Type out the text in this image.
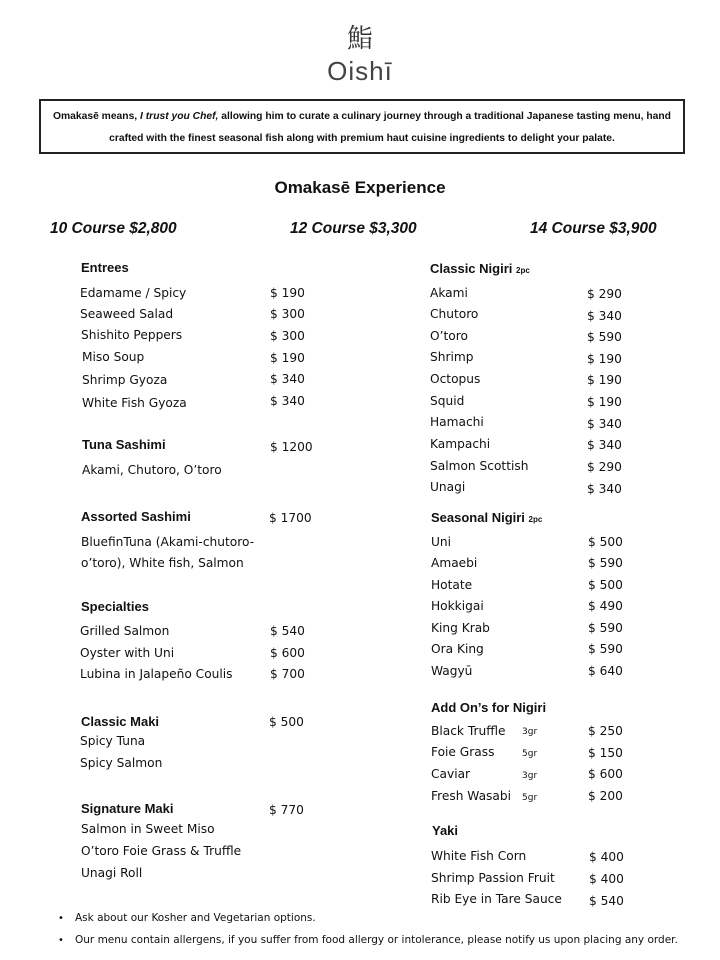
鮨
Oishī
Omakasē means, I trust you Chef, allowing him to curate a culinary journey through a traditional Japanese tasting menu, hand crafted with the finest seasonal fish along with premium haut cuisine ingredients to delight your palate.
Omakasē Experience
10 Course $2,800	12 Course $3,300	14 Course $3,900
Entrees
Edamame / Spicy	$ 190
Seaweed Salad	$ 300
Shishito Peppers	$ 300
Miso Soup	$ 190
Shrimp Gyoza	$ 340
White Fish Gyoza	$ 340
Tuna Sashimi	$ 1200
Akami, Chutoro, O’toro
Assorted Sashimi	$ 1700
BluefinTuna (Akami-chutoro-
o’toro), White fish, Salmon
Specialties
Grilled Salmon	$ 540
Oyster with Uni	$ 600
Lubina in Jalapeño Coulis	$ 700
Classic Maki	$ 500
Spicy Tuna
Spicy Salmon
Signature Maki	$ 770
Salmon in Sweet Miso
O’toro Foie Grass & Truffle
Unagi Roll
Classic Nigiri 2pc
Akami	$ 290
Chutoro	$ 340
O’toro	$ 590
Shrimp	$ 190
Octopus	$ 190
Squid	$ 190
Hamachi	$ 340
Kampachi	$ 340
Salmon Scottish	$ 290
Unagi	$ 340
Seasonal Nigiri 2pc
Uni	$ 500
Amaebi	$ 590
Hotate	$ 500
Hokkigai	$ 490
King Krab	$ 590
Ora King	$ 590
Wagyū	$ 640
Add On’s for Nigiri
Black Truffle 3gr	$ 250
Foie Grass	5gr	$ 150
Caviar	3gr	$ 600
Fresh Wasabi 5gr	$ 200
Yaki
White Fish Corn	$ 400
Shrimp Passion Fruit	$ 400
Rib Eye in Tare Sauce $ 540
• Ask about our Kosher and Vegetarian options.
• Our menu contain allergens, if you suffer from food allergy or intolerance, please notify us upon placing any order.
